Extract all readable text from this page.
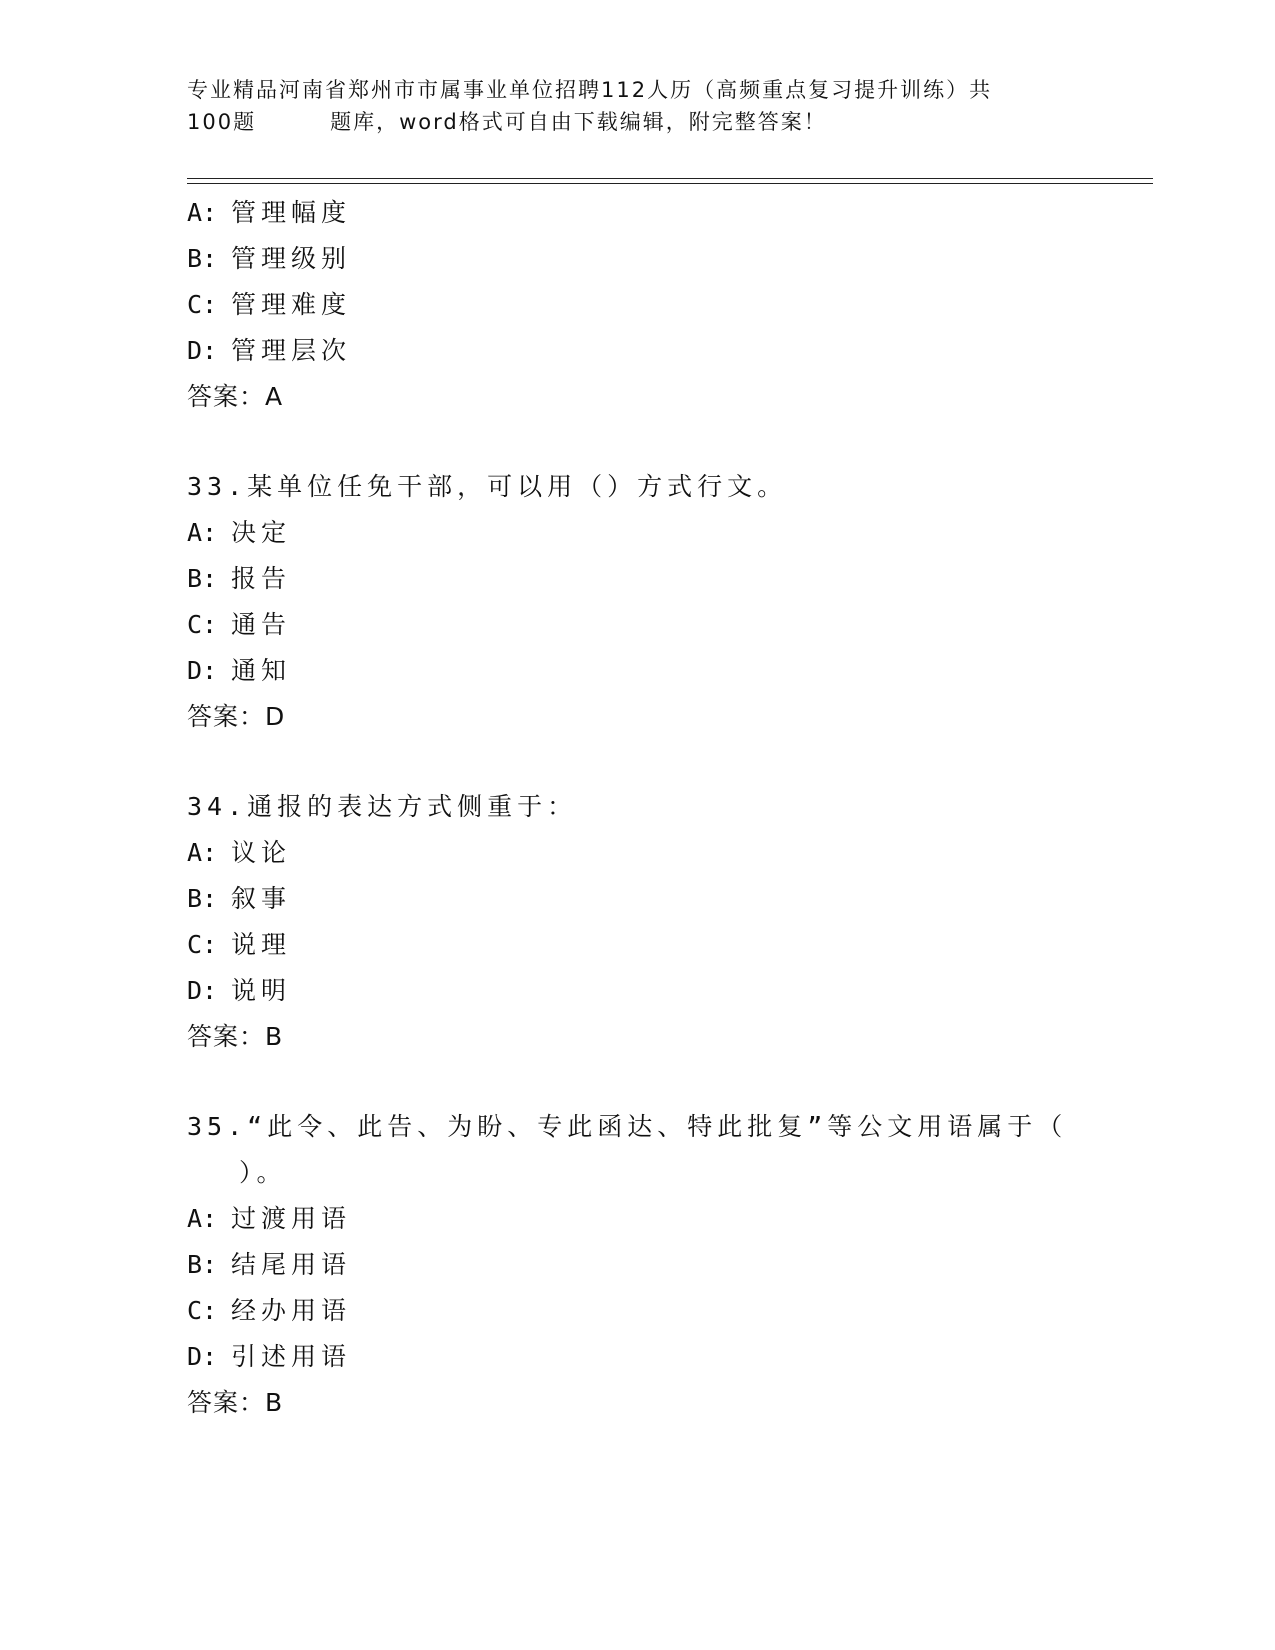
专业精品河南省郑州市市属事业单位招聘112人历（高频重点复习提升训练）共
100题	题库，word格式可自由下载编辑，附完整答案！
A: 管理幅度
B: 管理级别
C: 管理难度
D: 管理层次
答案：A
33.某单位任免干部，可以用（）方式行文。
A: 决定
B: 报告
C: 通告
D: 通知
答案：D
34.通报的表达方式侧重于：
A: 议论
B: 叙事
C: 说理
D: 说明
答案：B
35.“此令、此告、为盼、专此函达、特此批复”等公文用语属于（
）。
A: 过渡用语
B: 结尾用语
C: 经办用语
D: 引述用语
答案：B
